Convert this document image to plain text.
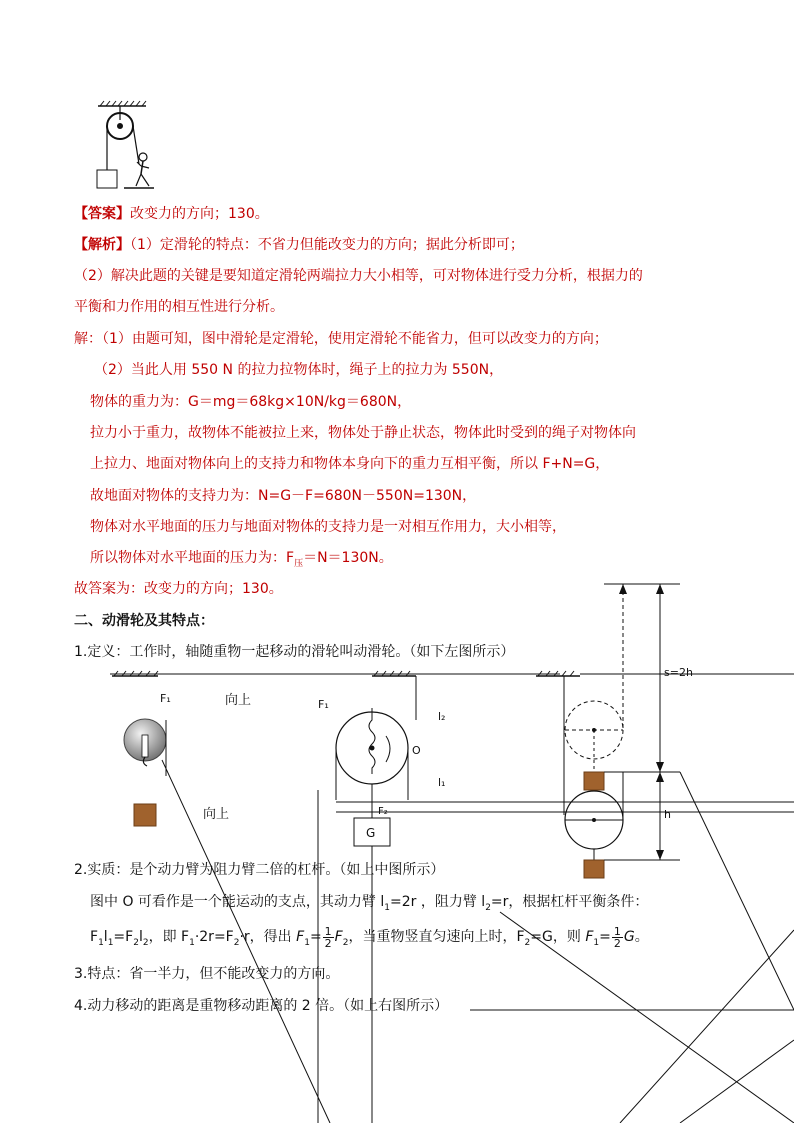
【答案】改变力的方向；130。
【解析】（1）定滑轮的特点：不省力但能改变力的方向；据此分析即可；
（2）解决此题的关键是要知道定滑轮两端拉力大小相等，可对物体进行受力分析，根据力的
平衡和力作用的相互性进行分析。
解：（1）由题可知，图中滑轮是定滑轮，使用定滑轮不能省力，但可以改变力的方向；
（2）当此人用 550 N 的拉力拉物体时，绳子上的拉力为 550N，
物体的重力为：G＝mg＝68kg×10N/kg＝680N，
拉力小于重力，故物体不能被拉上来，物体处于静止状态，物体此时受到的绳子对物体向
上拉力、地面对物体向上的支持力和物体本身向下的重力互相平衡，所以 F+N=G，
故地面对物体的支持力为：N=G－F=680N－550N=130N，
物体对水平地面的压力与地面对物体的支持力是一对相互作用力，大小相等，
所以物体对水平地面的压力为：$F_压=N=130N$。
故答案为：改变力的方向；130。
二、动滑轮及其特点：
1.定义：工作时，轴随重物一起移动的滑轮叫动滑轮。（如下左图所示）
F₁	向上
向上
F₁
l₂
O
l₁
F₂
G
s=2h
h
2.实质：是个动力臂为阻力臂二倍的杠杆。（如上中图所示）
图中 O 可看作是一个能运动的支点，其动力臂 $l_1=2r$ ，阻力臂 $l_2=r$，根据杠杆平衡条件：
$F_1l_1=F_2l_2$，即 $F_1\cdot 2r=F_2\cdot r$，得出 $F_1= \frac{1}{2} F_2$，当重物竖直匀速向上时，$F_2=G$，则 $F_1= \frac{1}{2}$ G。
3.特点：省一半力，但不能改变力的方向。
4.动力移动的距离是重物移动距离的 2 倍。（如上右图所示）
